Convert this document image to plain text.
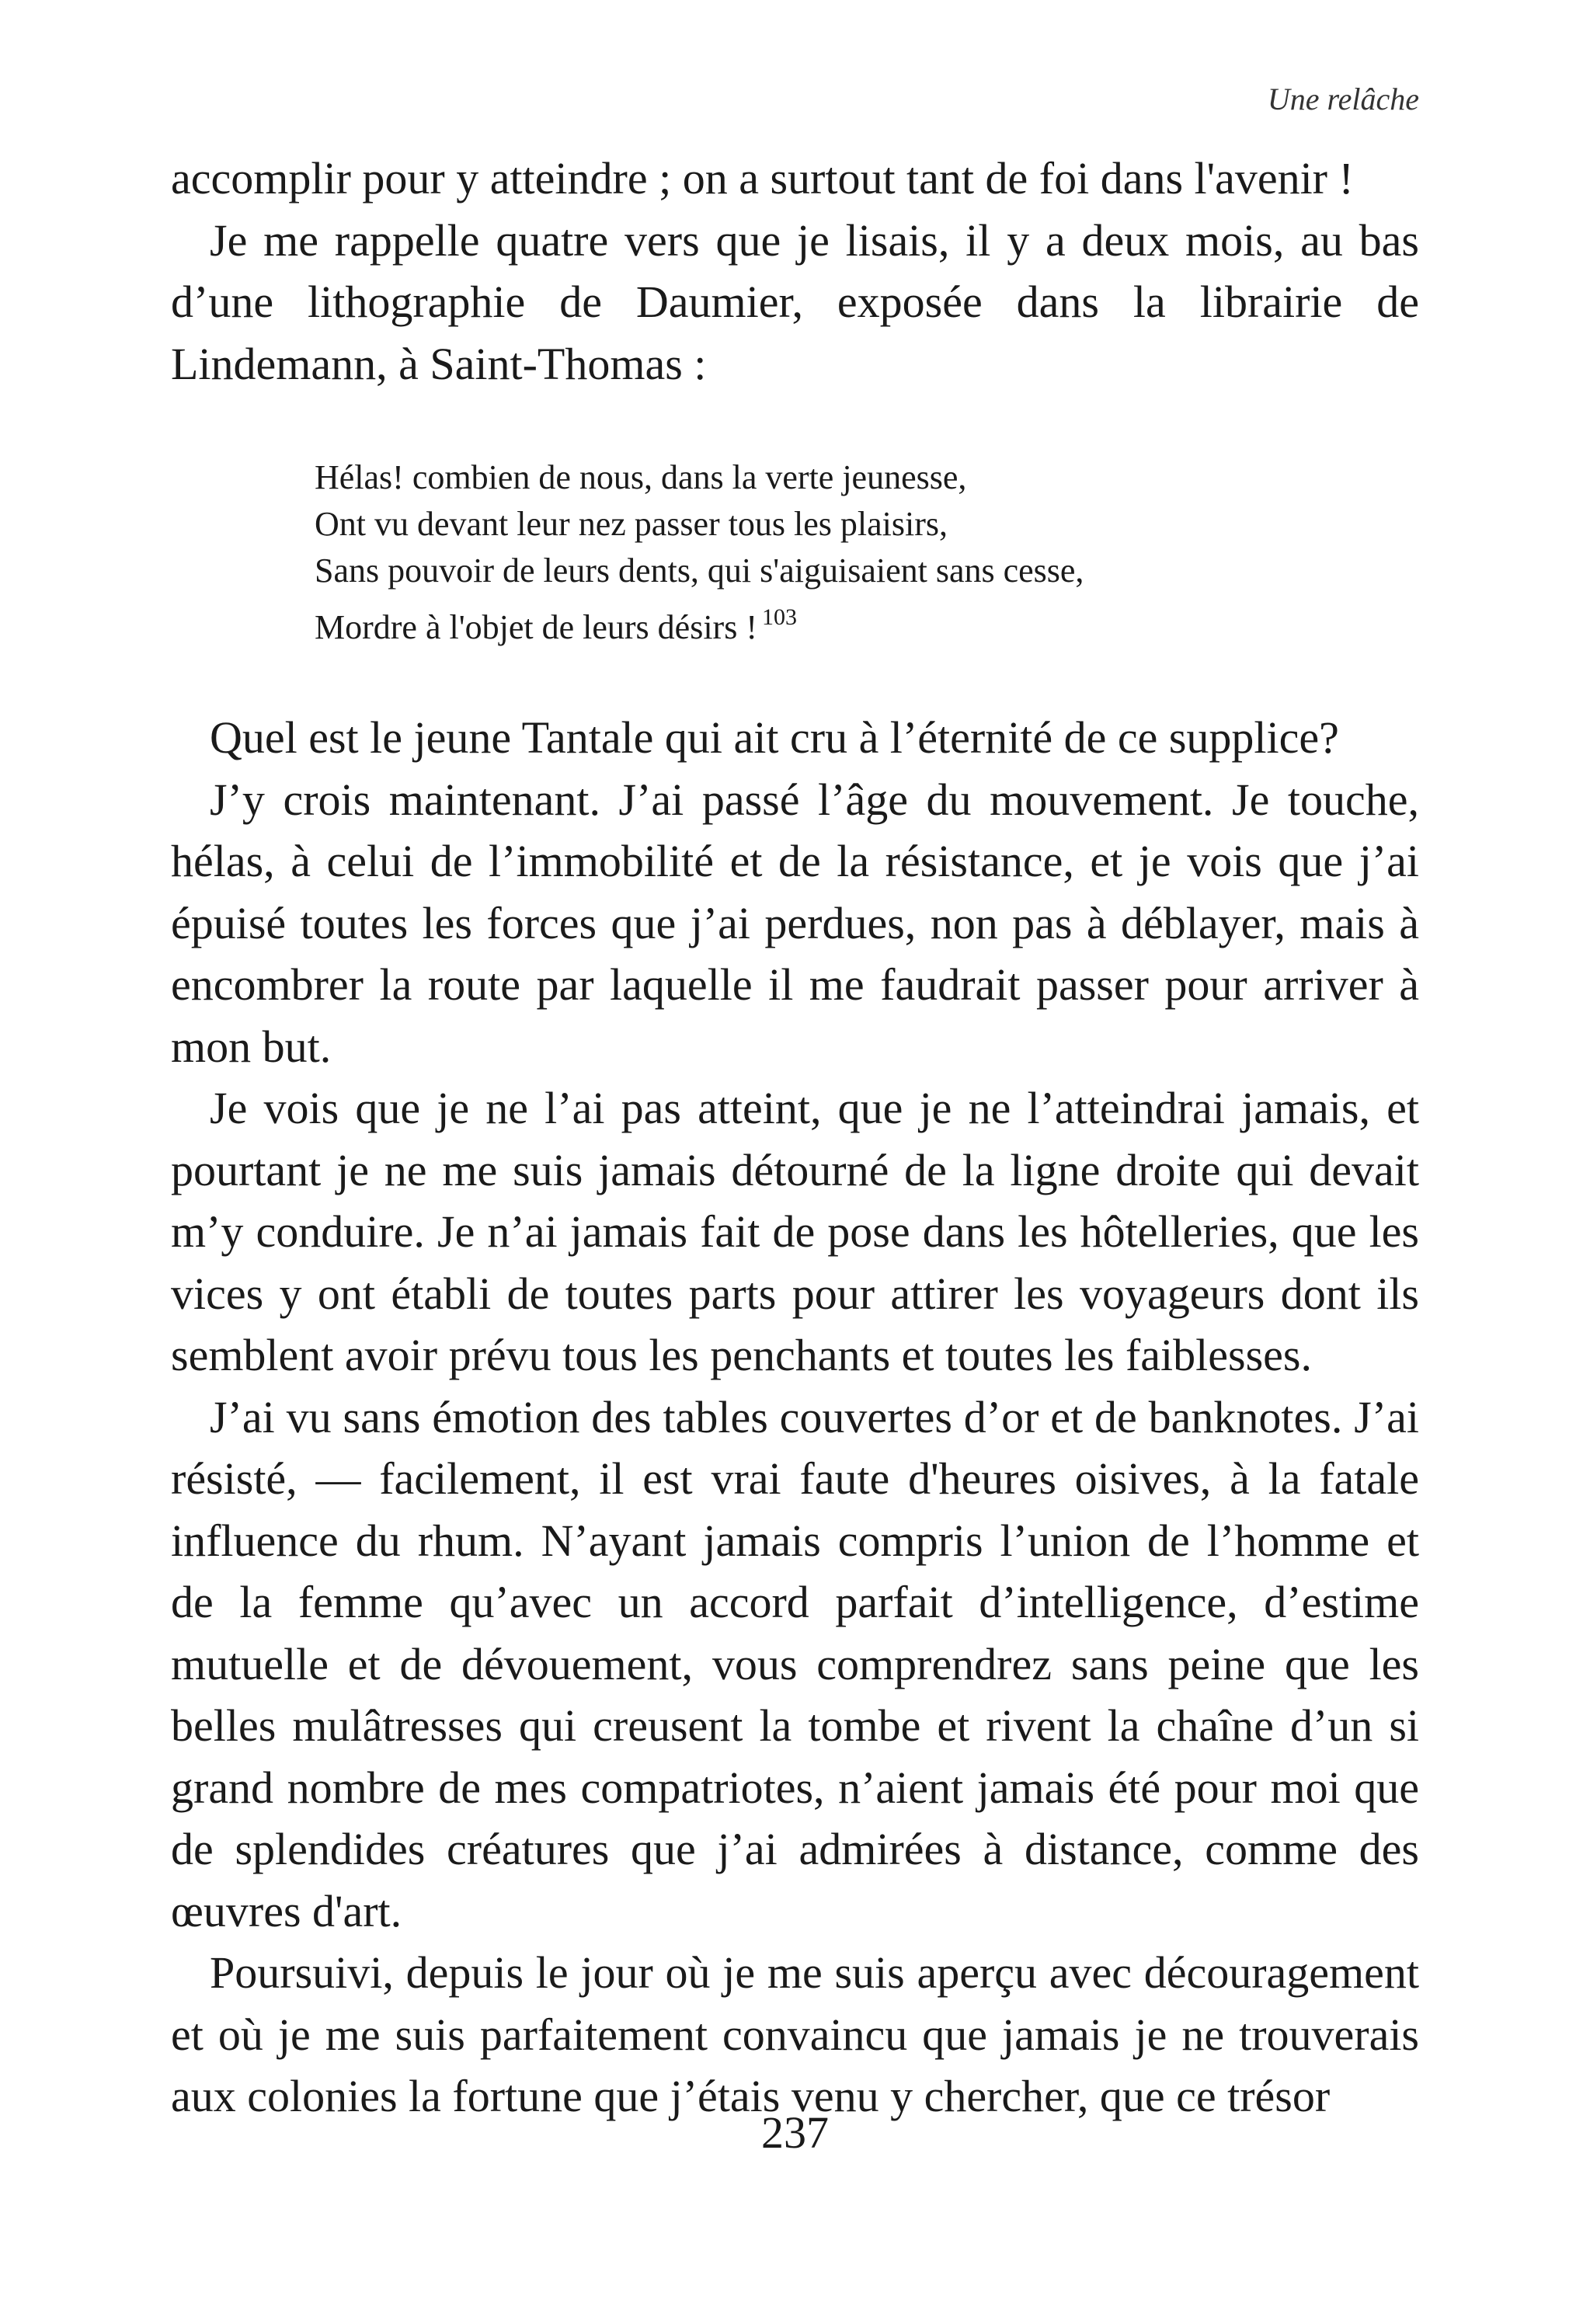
Une relâche

accomplir pour y atteindre ; on a surtout tant de foi dans l'avenir !

Je me rappelle quatre vers que je lisais, il y a deux mois, au bas d’une lithographie de Daumier, exposée dans la librairie de Lindemann, à Saint-Thomas :

Hélas! combien de nous, dans la verte jeunesse,
Ont vu devant leur nez passer tous les plaisirs,
Sans pouvoir de leurs dents, qui s'aiguisaient sans cesse,
Mordre à l'objet de leurs désirs ! $^{103}$

Quel est le jeune Tantale qui ait cru à l’éternité de ce supplice?

J’y crois maintenant. J’ai passé l’âge du mouvement. Je touche, hélas, à celui de l’immobilité et de la résistance, et je vois que j’ai épuisé toutes les forces que j’ai perdues, non pas à déblayer, mais à encombrer la route par laquelle il me faudrait passer pour arriver à mon but.

Je vois que je ne l’ai pas atteint, que je ne l’atteindrai jamais, et pourtant je ne me suis jamais détourné de la ligne droite qui devait m’y conduire. Je n’ai jamais fait de pose dans les hôtelleries, que les vices y ont établi de toutes parts pour attirer les voyageurs dont ils semblent avoir prévu tous les penchants et toutes les faiblesses.

J’ai vu sans émotion des tables couvertes d’or et de banknotes. J’ai résisté, — facilement, il est vrai faute d'heures oisives, à la fatale influence du rhum. N’ayant jamais compris l’union de l’homme et de la femme qu’avec un accord parfait d’intelligence, d’estime mutuelle et de dévouement, vous comprendrez sans peine que les belles mulâtresses qui creusent la tombe et rivent la chaîne d’un si grand nombre de mes compatriotes, n’aient jamais été pour moi que de splendides créatures que j’ai admirées à distance, comme des œuvres d'art.

Poursuivi, depuis le jour où je me suis aperçu avec découragement et où je me suis parfaitement convaincu que jamais je ne trouverais aux colonies la fortune que j’étais venu y chercher, que ce trésor

237
